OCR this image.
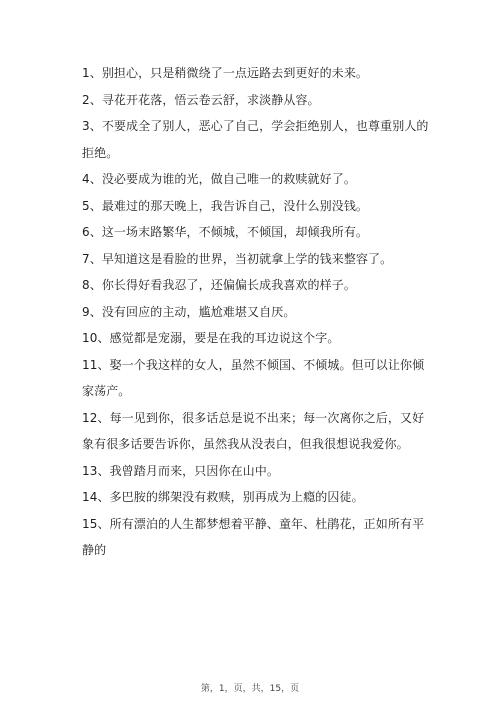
1、别担心，只是稍微绕了一点远路去到更好的未来。
2、寻花开花落，悟云卷云舒，求淡静从容。
3、不要成全了别人，恶心了自己，学会拒绝别人，也尊重别人的拒绝。
4、没必要成为谁的光，做自己唯一的救赎就好了。
5、最难过的那天晚上，我告诉自己，没什么别没钱。
6、这一场末路繁华，不倾城，不倾国，却倾我所有。
7、早知道这是看脸的世界，当初就拿上学的钱来整容了。
8、你长得好看我忍了，还偏偏长成我喜欢的样子。
9、没有回应的主动，尴尬难堪又自厌。
10、感觉都是宠溺，要是在我的耳边说这个字。
11、娶一个我这样的女人，虽然不倾国、不倾城。但可以让你倾家荡产。
12、每一见到你，很多话总是说不出来；每一次离你之后，又好象有很多话要告诉你，虽然我从没表白，但我很想说我爱你。
13、我曾踏月而来，只因你在山中。
14、多巴胺的绑架没有救赎，别再成为上瘾的囚徒。
15、所有漂泊的人生都梦想着平静、童年、杜鹃花，正如所有平静的
第，1，页，共，15，页
